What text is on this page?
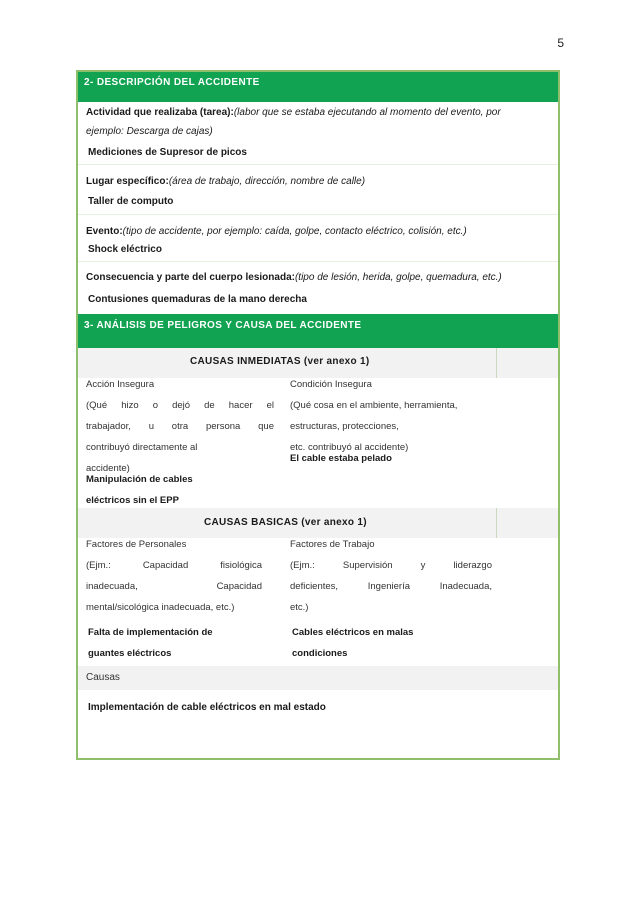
5
2- DESCRIPCIÓN DEL ACCIDENTE
Actividad que realizaba (tarea):(labor que se estaba ejecutando al momento del evento, por
ejemplo: Descarga de cajas)
Mediciones de Supresor de picos
Lugar específico:(área de trabajo, dirección, nombre de calle)
Taller de computo
Evento:(tipo de accidente, por ejemplo: caída, golpe, contacto eléctrico, colisión, etc.)
Shock eléctrico
Consecuencia y parte del cuerpo lesionada:(tipo de lesión, herida, golpe, quemadura, etc.)
Contusiones quemaduras de la mano derecha
3- ANÁLISIS DE PELIGROS Y CAUSA DEL ACCIDENTE
CAUSAS INMEDIATAS (ver anexo 1)
Acción Insegura
(Qué hizo o dejó de hacer el
trabajador, u otra persona que
contribuyó directamente al
accidente)
Manipulación de cables
eléctricos sin el EPP
Condición Insegura
(Qué cosa en el ambiente, herramienta,
estructuras, protecciones,
etc. contribuyó al accidente)
El cable estaba pelado
CAUSAS BASICAS (ver anexo 1)
Factores de Personales
(Ejm.: Capacidad fisiológica
inadecuada, Capacidad
mental/sicológica inadecuada, etc.)
Falta de implementación de
guantes eléctricos
Factores de Trabajo
(Ejm.: Supervisión y liderazgo
deficientes, Ingeniería Inadecuada,
etc.)
Cables eléctricos en malas
condiciones
Causas
Implementación de cable eléctricos en mal estado
